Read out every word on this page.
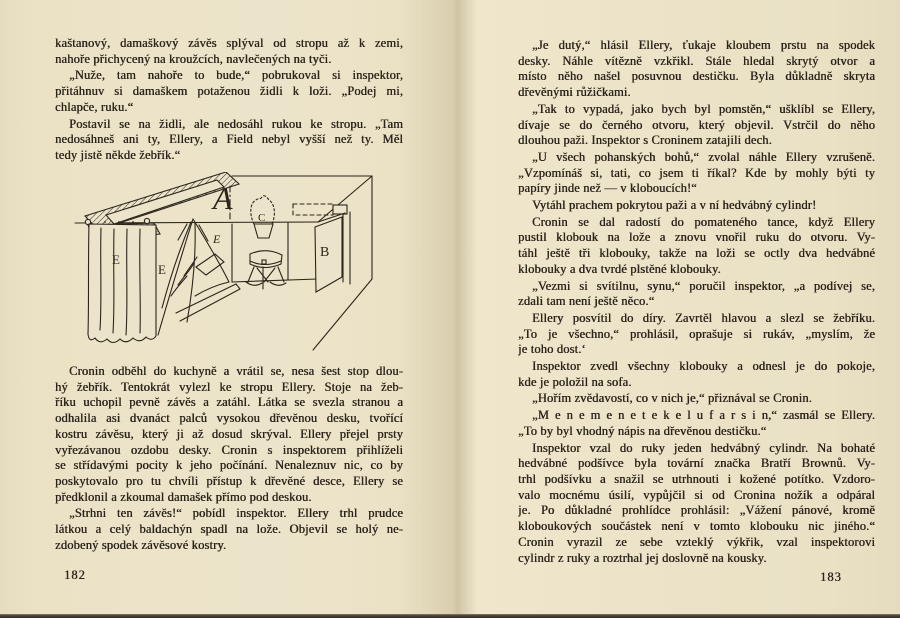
kaštanový, damaškový závěs splýval od stropu až k zemi,
nahoře přichycený na kroužcích, navlečených na tyči.

„Nuže, tam nahoře to bude,“ pobrukoval si inspektor,
přitáhnuv si damaškem potaženou židli k loži. „Podej mi,
chlapče, ruku.“

Postavil se na židli, ale nedosáhl rukou ke stropu. „Tam
nedosáhneš ani ty, Ellery, a Field nebyl vyšší než ty. Měl
tedy jistě někde žebřík.“

A
B
C
E
E
E

Cronin odběhl do kuchyně a vrátil se, nesa šest stop dlou-
hý žebřík. Tentokrát vylezl ke stropu Ellery. Stoje na žeb-
říku uchopil pevně závěs a zatáhl. Látka se svezla stranou a
odhalila asi dvanáct palců vysokou dřevěnou desku, tvořící
kostru závěsu, který ji až dosud skrýval. Ellery přejel prsty
vyřezávanou ozdobu desky. Cronin s inspektorem přihlíželi
se střídavými pocity k jeho počínání. Nenaleznuv nic, co by
poskytovalo pro tu chvíli přístup k dřevěné desce, Ellery se
předklonil a zkoumal damašek přímo pod deskou.

„Strhni ten závěs!“ pobídl inspektor. Ellery trhl prudce
látkou a celý baldachýn spadl na lože. Objevil se holý ne-
zdobený spodek závěsové kostry.

182

„Je dutý,“ hlásil Ellery, ťukaje kloubem prstu na spodek
desky. Náhle vítězně vzkřikl. Stále hledal skrytý otvor a
místo něho našel posuvnou destičku. Byla důkladně skryta
dřevěnými růžičkami.

„Tak to vypadá, jako bych byl pomstěn,“ ušklíbl se Ellery,
dívaje se do černého otvoru, který objevil. Vstrčil do něho
dlouhou paži. Inspektor s Croninem zatajili dech.

„U všech pohanských bohů,“ zvolal náhle Ellery vzrušeně.
„Vzpomínáš si, tati, co jsem ti říkal? Kde by mohly býti ty
papíry jinde než — v kloboucích!“

Vytáhl prachem pokrytou paži a v ní hedvábný cylindr!

Cronin se dal radostí do pomateného tance, když Ellery
pustil klobouk na lože a znovu vnořil ruku do otvoru. Vy-
táhl ještě tři klobouky, takže na loži se octly dva hedvábné
klobouky a dva tvrdé plstěné klobouky.

„Vezmi si svítilnu, synu,“ poručil inspektor, „a podívej se,
zdali tam není ještě něco.“

Ellery posvítil do díry. Zavrtěl hlavou a slezl se žebříku.
„To je všechno,“ prohlásil, oprašuje si rukáv, „myslím, že
je toho dost.‘

Inspektor zvedl všechny klobouky a odnesl je do pokoje,
kde je položil na sofa.

„Hořím zvědavostí, co v nich je,“ přiznával se Cronin.

„M e n e m e n e t e k e l u f a r s i n,“ zasmál se Ellery.
„To by byl vhodný nápis na dřevěnou destičku.“

Inspektor vzal do ruky jeden hedvábný cylindr. Na bohaté
hedvábné podšívce byla tovární značka Bratří Brownů. Vy-
trhl podšívku a snažil se utrhnouti i kožené potítko. Vzdoro-
valo mocnému úsilí, vypůjčil si od Cronina nožík a odpáral
je. Po důkladné prohlídce prohlásil: „Vážení pánové, kromě
kloboukových součástek není v tomto klobouku nic jiného.“
Cronin vyrazil ze sebe vzteklý výkřik, vzal inspektorovi
cylindr z ruky a roztrhal jej doslovně na kousky.

183
